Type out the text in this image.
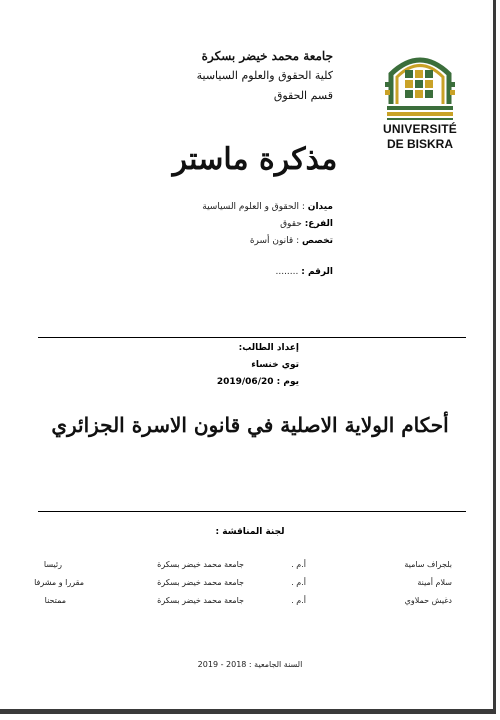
جامعة محمد خيضر بسكرة
كلية الحقوق والعلوم السياسية
قسم الحقوق
UNIVERSITÉ
DE BISKRA
مذكرة ماستر
ميدان : الحقوق و العلوم السياسية
الفرع: حقوق
تخصص : قانون أسرة
الرقم : ........
إعداد الطالب:
توي خنساء
يوم : 2019/06/20
أحكام الولاية الاصلية في قانون الاسرة الجزائري
لجنة المناقشة :
بلجراف سامية
أ.م .
جامعة محمد خيضر بسكرة
رئيسا
سلام أمينة
أ.م .
جامعة محمد خيضر بسكرة
مقررا و مشرفا
دغيش حملاوي
أ.م .
جامعة محمد خيضر بسكرة
ممتحنا
السنة الجامعية : 2018 - 2019
